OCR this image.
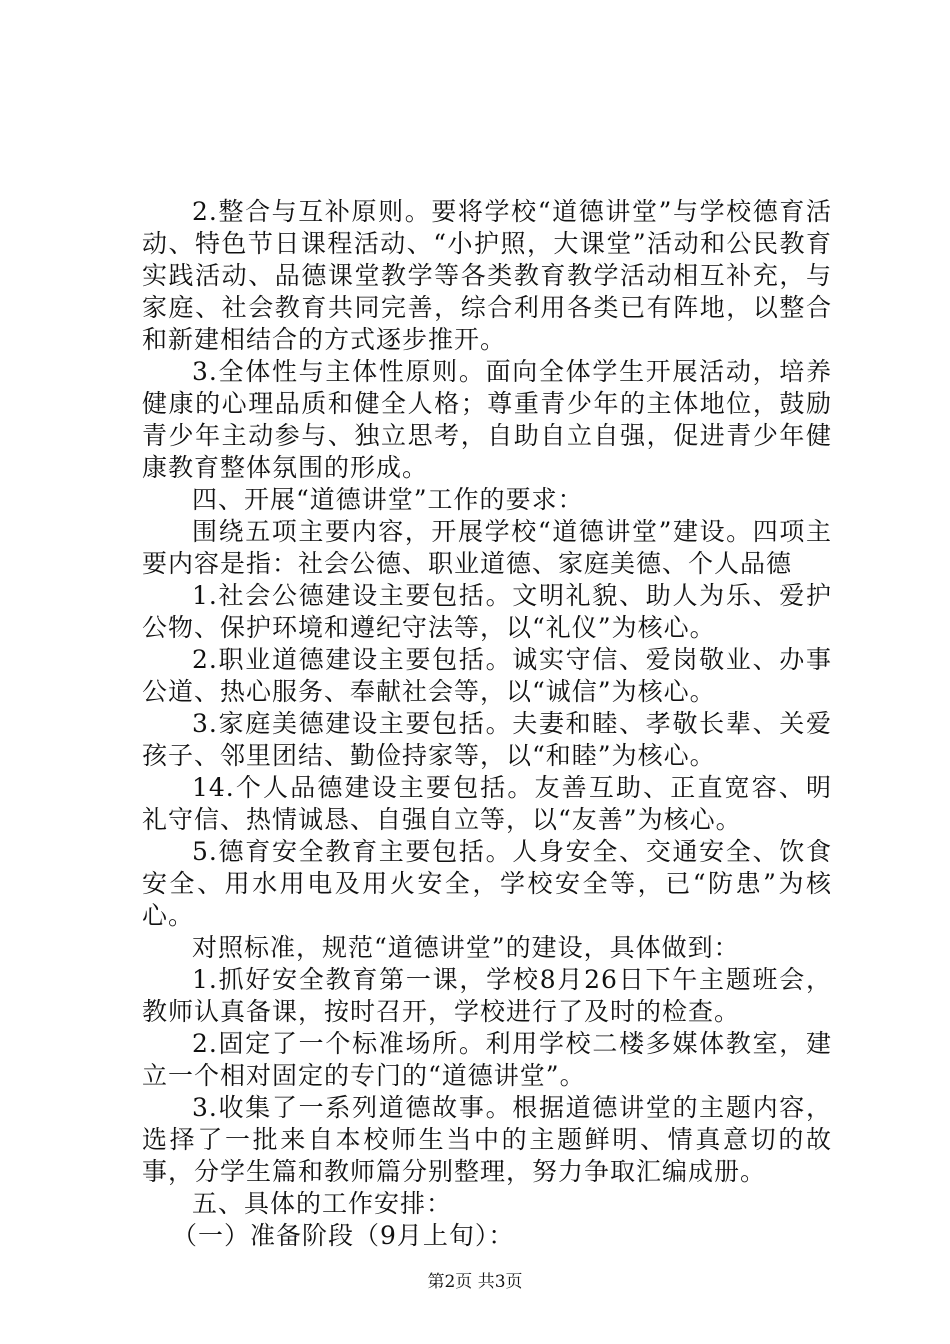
2.整合与互补原则。要将学校“道德讲堂”与学校德育活动、特色节日课程活动、“小护照，大课堂”活动和公民教育实践活动、品德课堂教学等各类教育教学活动相互补充，与家庭、社会教育共同完善，综合利用各类已有阵地，以整合和新建相结合的方式逐步推开。

3.全体性与主体性原则。面向全体学生开展活动，培养健康的心理品质和健全人格；尊重青少年的主体地位，鼓励青少年主动参与、独立思考，自助自立自强，促进青少年健康教育整体氛围的形成。

四、开展“道德讲堂”工作的要求：

围绕五项主要内容，开展学校“道德讲堂”建设。四项主要内容是指：社会公德、职业道德、家庭美德、个人品德

1.社会公德建设主要包括。文明礼貌、助人为乐、爱护公物、保护环境和遵纪守法等，以“礼仪”为核心。

2.职业道德建设主要包括。诚实守信、爱岗敬业、办事公道、热心服务、奉献社会等，以“诚信”为核心。

3.家庭美德建设主要包括。夫妻和睦、孝敬长辈、关爱孩子、邻里团结、勤俭持家等，以“和睦”为核心。

14.个人品德建设主要包括。友善互助、正直宽容、明礼守信、热情诚恳、自强自立等，以“友善”为核心。

5.德育安全教育主要包括。人身安全、交通安全、饮食安全、用水用电及用火安全，学校安全等，已“防患”为核心。

对照标准，规范“道德讲堂”的建设，具体做到：

1.抓好安全教育第一课，学校8月26日下午主题班会，教师认真备课，按时召开，学校进行了及时的检查。

2.固定了一个标准场所。利用学校二楼多媒体教室，建立一个相对固定的专门的“道德讲堂”。

3.收集了一系列道德故事。根据道德讲堂的主题内容，选择了一批来自本校师生当中的主题鲜明、情真意切的故事，分学生篇和教师篇分别整理，努力争取汇编成册。

五、具体的工作安排：

（一）准备阶段（9月上旬）：

第2页 共3页
